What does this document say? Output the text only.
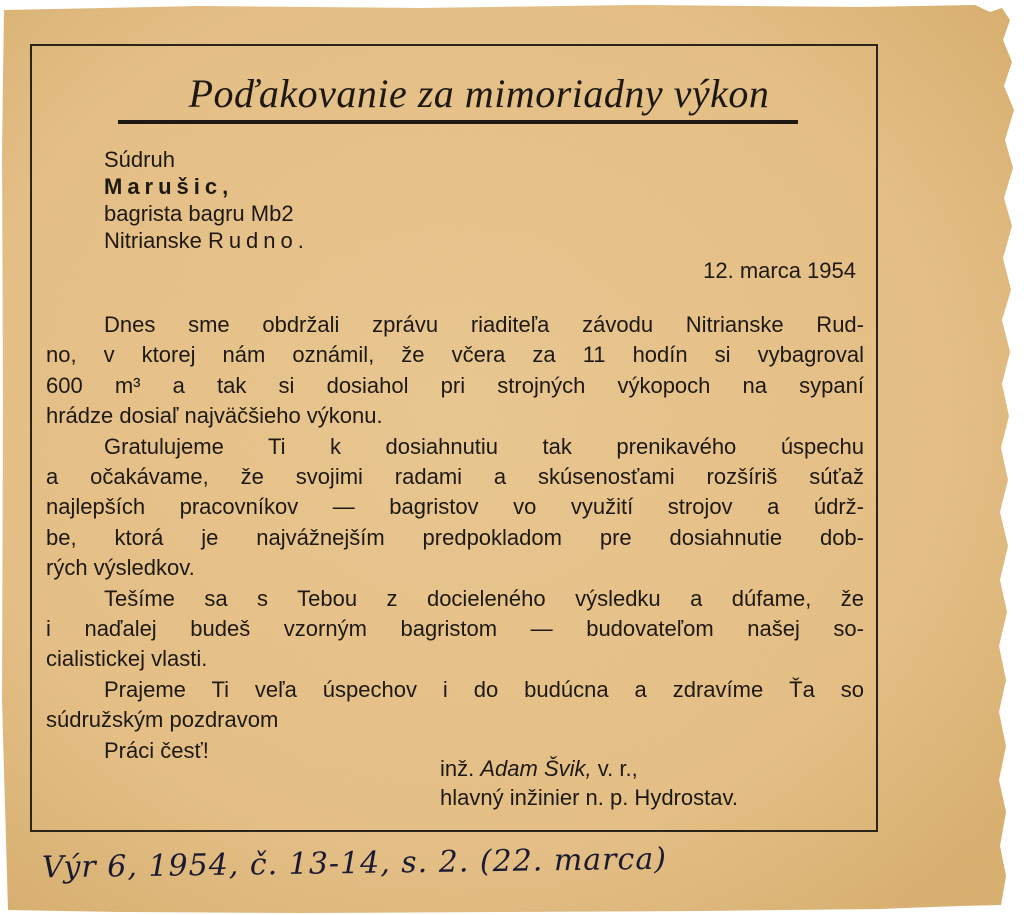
Poďakovanie za mimoriadny výkon
Súdruh
Marušic,
bagrista bagru Mb2
Nitrianske Rudno.
12. marca 1954
Dnes sme obdržali zprávu riaditeľa závodu Nitrianske Rud-
no, v ktorej nám oznámil, že včera za 11 hodín si vybagroval
600 m³ a tak si dosiahol pri strojných výkopoch na sypaní
hrádze dosiaľ najväčšieho výkonu.
Gratulujeme Ti k dosiahnutiu tak prenikavého úspechu
a očakávame, že svojimi radami a skúsenosťami rozšíriš súťaž
najlepších pracovníkov — bagristov vo využití strojov a údrž-
be, ktorá je najvážnejším predpokladom pre dosiahnutie dob-
rých výsledkov.
Tešíme sa s Tebou z docieleného výsledku a dúfame, že
i naďalej budeš vzorným bagristom — budovateľom našej so-
cialistickej vlasti.
Prajeme Ti veľa úspechov i do budúcna a zdravíme Ťa so
súdružským pozdravom
Práci česť!
inž. Adam Švik, v. r.,
hlavný inžinier n. p. Hydrostav.
Výr 6, 1954, č. 13-14, s. 2. (22. marca)
